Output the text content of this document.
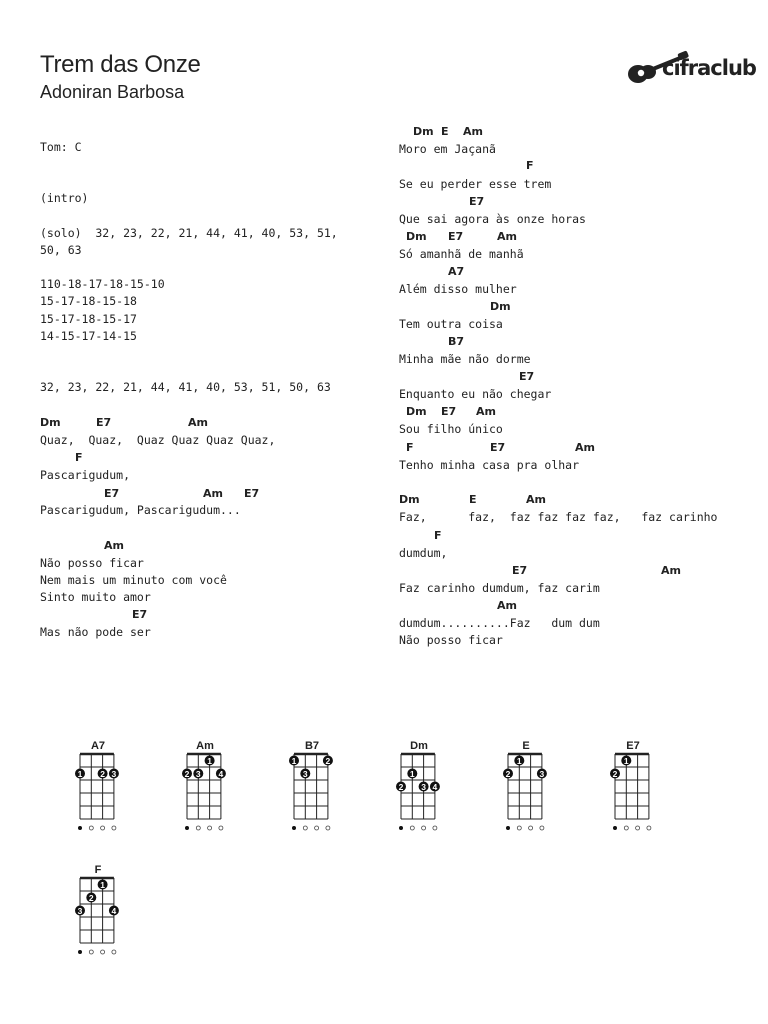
Trem das Onze
Adoniran Barbosa
cifraclub
Tom: C
(intro)
(solo)  32, 23, 22, 21, 44, 41, 40, 53, 51,
50, 63
110-18-17-18-15-10
15-17-18-15-18
15-17-18-15-17
14-15-17-14-15
32, 23, 22, 21, 44, 41, 40, 53, 51, 50, 63
Dm	E7	Am
Quaz,  Quaz,  Quaz Quaz Quaz Quaz,
F
Pascarigudum,
E7	Am E7
Pascarigudum, Pascarigudum...
Am
Não posso ficar
Nem mais um minuto com você
Sinto muito amor
E7
Mas não pode ser
Dm E Am
Moro em Jaçanã
F
Se eu perder esse trem
E7
Que sai agora às onze horas
Dm E7	Am
Só amanhã de manhã
A7
Além disso mulher
Dm
Tem outra coisa
B7
Minha mãe não dorme
E7
Enquanto eu não chegar
Dm E7 Am
Sou filho único
F	E7	Am
Tenho minha casa pra olhar
Dm	E	Am
Faz,      faz,  faz faz faz faz,   faz carinho
F
dumdum,
E7	Am
Faz carinho dumdum, faz carim
Am
dumdum..........Faz   dum dum
Não posso ficar
A7
1 2 3
Am
1
2 3 4
B7
1	2
3
Dm
1
2 3 4
E
1
2	3
E7
1
2
F
1
2
3	4
